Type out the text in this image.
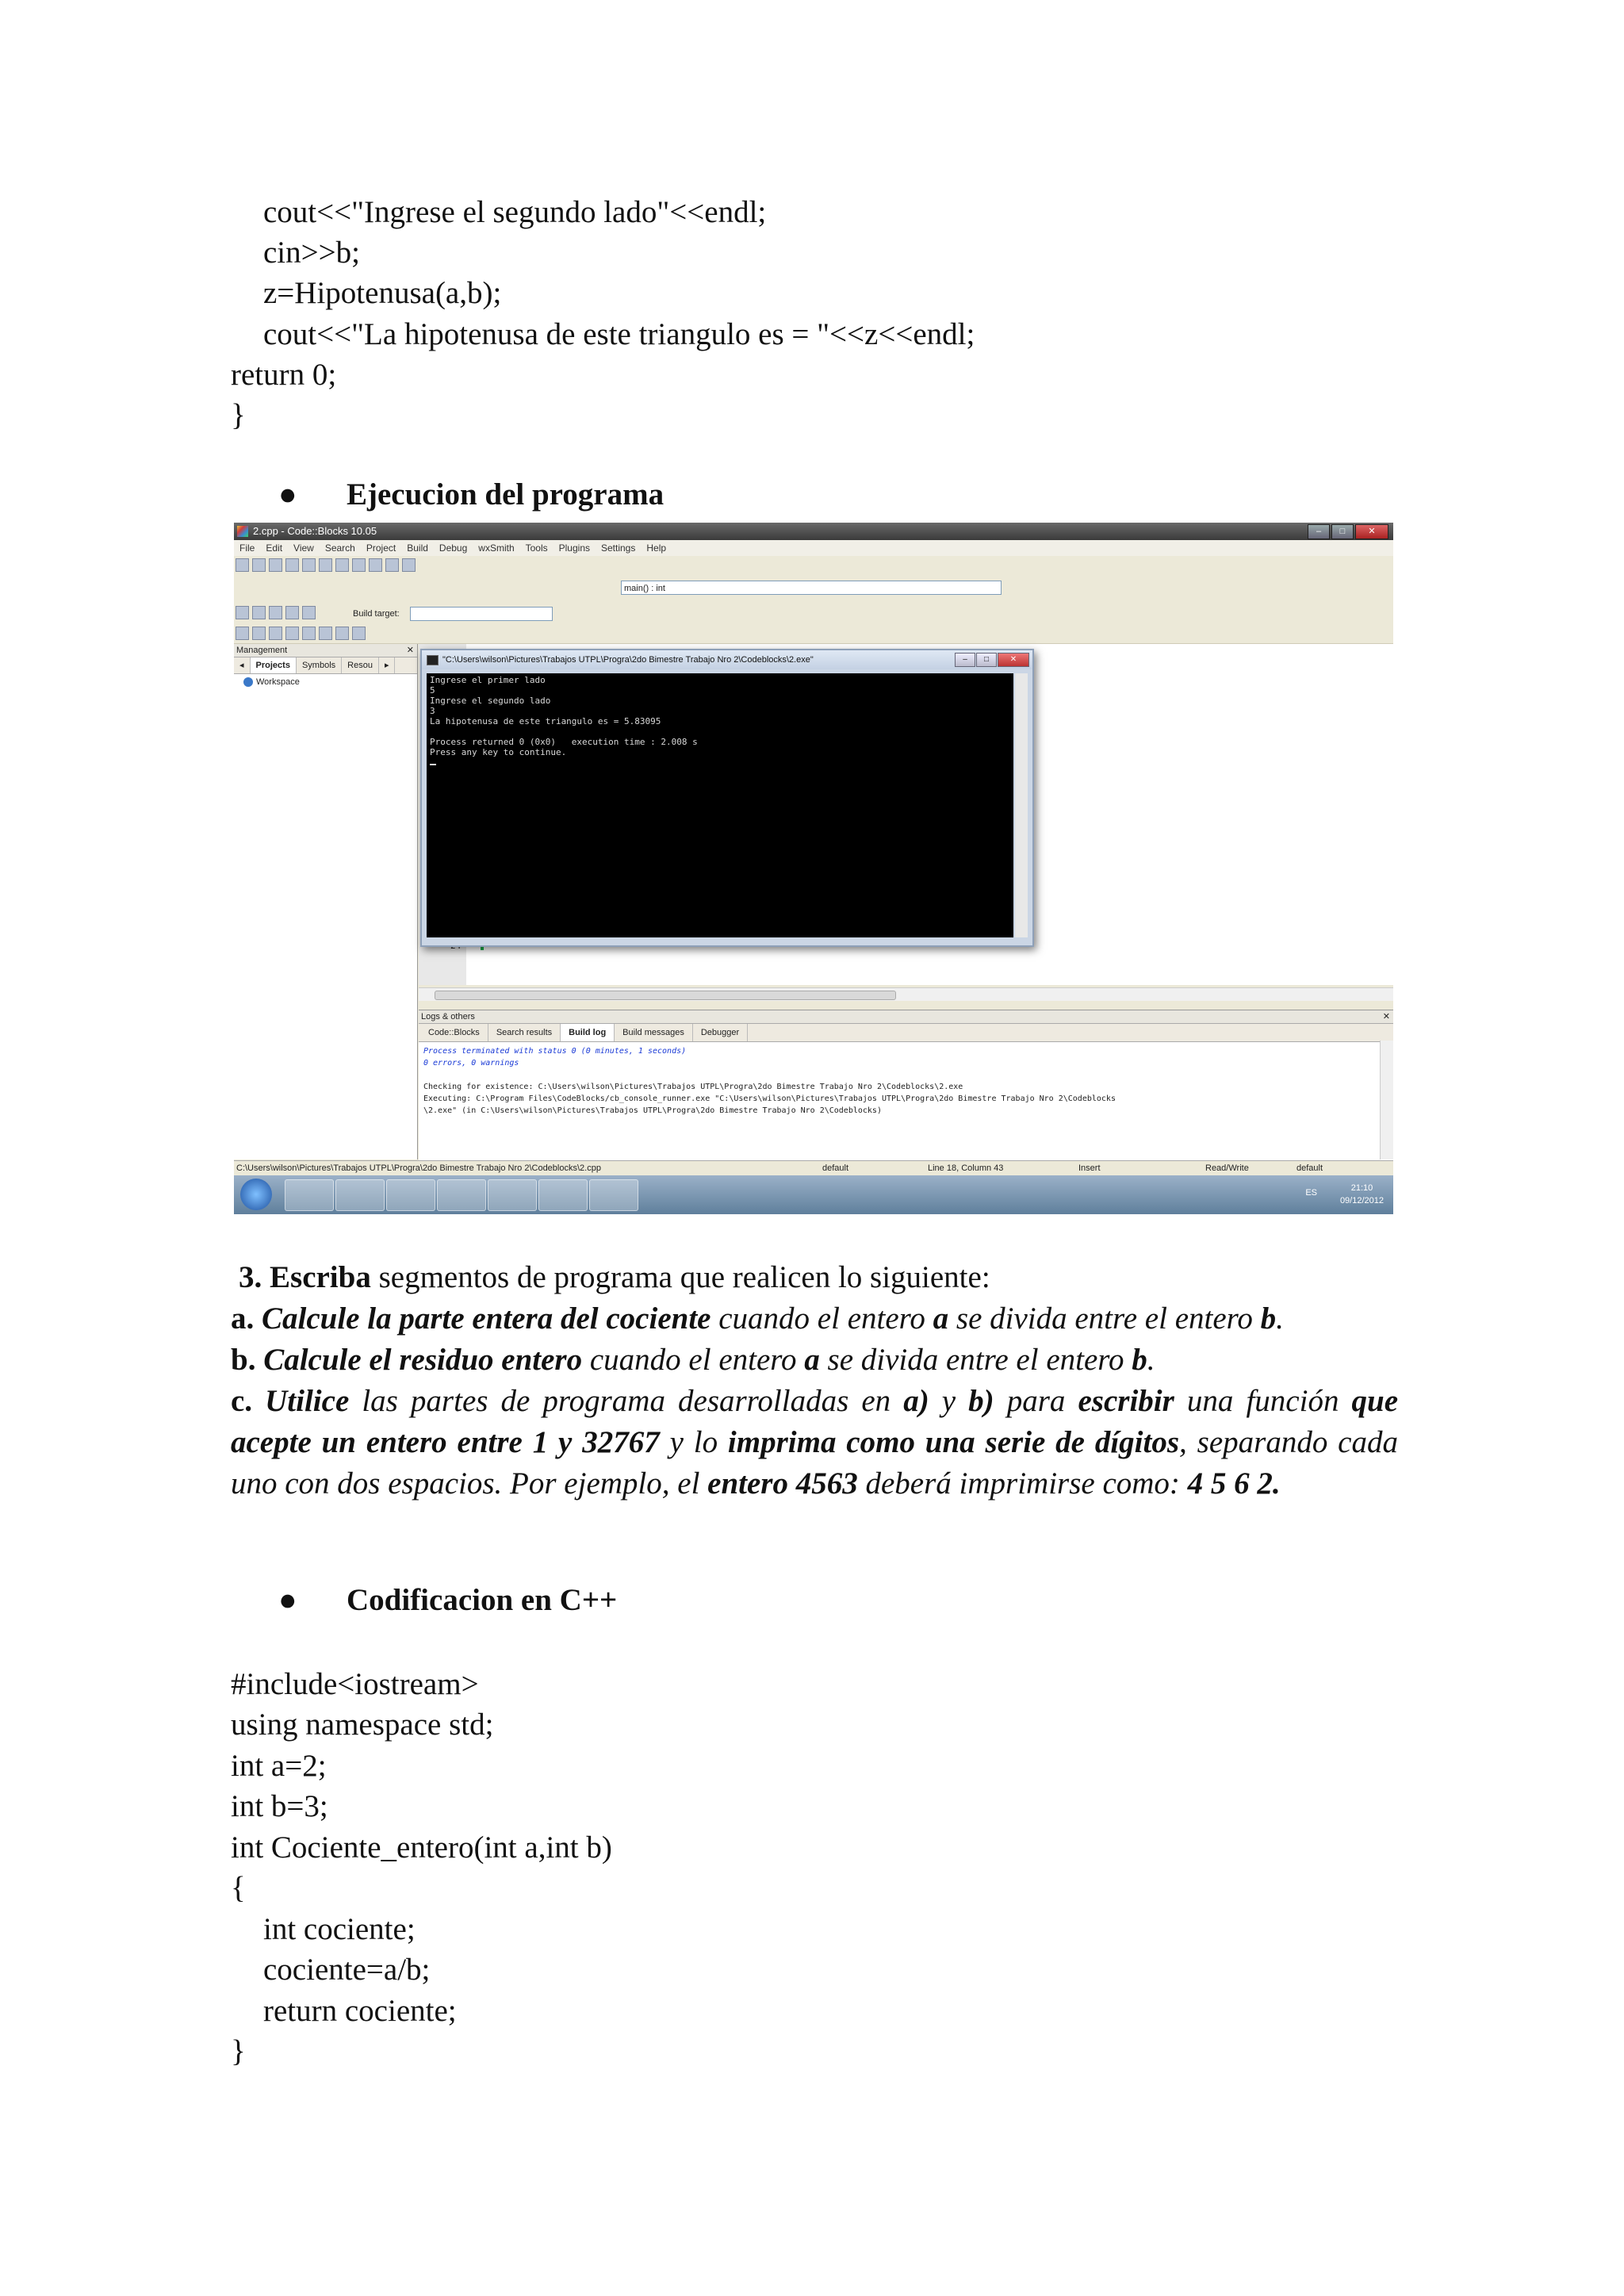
cout<<"Ingrese el segundo lado"<<endl;
cin>>b;
z=Hipotenusa(a,b);
cout<<"La hipotenusa de este triangulo es = "<<z<<endl;
return 0;
}
● Ejecucion del programa
2.cpp - Code::Blocks 10.05	–	□	✕
File Edit View Search Project Build Debug wxSmith Tools Plugins Settings Help
main() : int
Build target:
Management	✕
◂ Projects Symbols Resou ▸
Workspace
Logs & others	✕
Code::Blocks Search results Build log Build messages Debugger
Process terminated with status 0 (0 minutes, 1 seconds)
0 errors, 0 warnings

Checking for existence: C:\Users\wilson\Pictures\Trabajos UTPL\Progra\2do Bimestre Trabajo Nro 2\Codeblocks\2.exe
Executing: C:\Program Files\CodeBlocks/cb_console_runner.exe "C:\Users\wilson\Pictures\Trabajos UTPL\Progra\2do Bimestre Trabajo Nro 2\Codeblocks
\2.exe" (in C:\Users\wilson\Pictures\Trabajos UTPL\Progra\2do Bimestre Trabajo Nro 2\Codeblocks)
C:\Users\wilson\Pictures\Trabajos UTPL\Progra\2do Bimestre Trabajo Nro 2\Codeblocks\2.cpp	default	Line 18, Column 43	Insert	Read/Write	default
ES	21:10
09/12/2012
"C:\Users\wilson\Pictures\Trabajos UTPL\Progra\2do Bimestre Trabajo Nro 2\Codeblocks\2.exe"	–	□	✕
Ingrese el primer lado
5
Ingrese el segundo lado
3
La hipotenusa de este triangulo es = 5.83095

Process returned 0 (0x0)   execution time : 2.008 s
Press any key to continue.

3. Escriba segmentos de programa que realicen lo siguiente:
a. Calcule la parte entera del cociente cuando el entero a se divida entre el entero b.
b. Calcule el residuo entero cuando el entero a se divida entre el entero b.
c. Utilice las partes de programa desarrolladas en a) y b) para escribir una función que acepte un entero entre 1 y 32767 y lo imprima como una serie de dígitos, separando cada uno con dos espacios. Por ejemplo, el entero 4563 deberá imprimirse como: 4 5 6 2.
● Codificacion en C++
#include<iostream>
using namespace std;
int a=2;
int b=3;
int Cociente_entero(int a,int b)
{
int cociente;
cociente=a/b;
return cociente;
}
